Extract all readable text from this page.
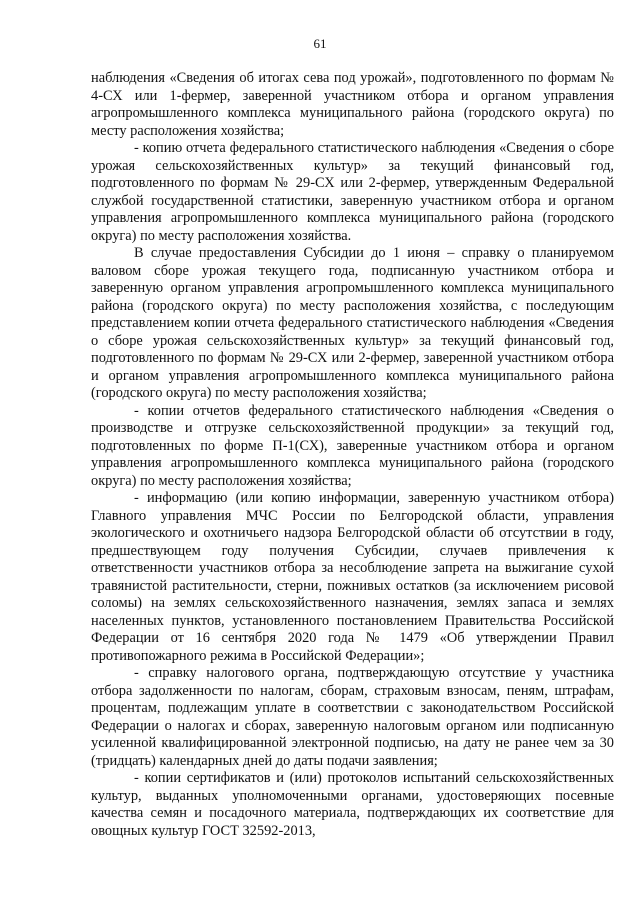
61

наблюдения «Сведения об итогах сева под урожай», подготовленного по формам № 4-СХ или 1-фермер, заверенной участником отбора и органом управления агропромышленного комплекса муниципального района (городского округа) по месту расположения хозяйства;

- копию отчета федерального статистического наблюдения «Сведения о сборе урожая сельскохозяйственных культур» за текущий финансовый год, подготовленного по формам № 29-СХ или 2-фермер, утвержденным Федеральной службой государственной статистики, заверенную участником отбора и органом управления агропромышленного комплекса муниципального района (городского округа) по месту расположения хозяйства.

В случае предоставления Субсидии до 1 июня – справку о планируемом валовом сборе урожая текущего года, подписанную участником отбора и заверенную органом управления агропромышленного комплекса муниципального района (городского округа) по месту расположения хозяйства, с последующим представлением копии отчета федерального статистического наблюдения «Сведения о сборе урожая сельскохозяйственных культур» за текущий финансовый год, подготовленного по формам № 29-СХ или 2-фермер, заверенной участником отбора и органом управления агропромышленного комплекса муниципального района (городского округа) по месту расположения хозяйства;

- копии отчетов федерального статистического наблюдения «Сведения о производстве и отгрузке сельскохозяйственной продукции» за текущий год, подготовленных по форме П-1(СХ), заверенные участником отбора и органом управления агропромышленного комплекса муниципального района (городского округа) по месту расположения хозяйства;

- информацию (или копию информации, заверенную участником отбора) Главного управления МЧС России по Белгородской области, управления экологического и охотничьего надзора Белгородской области об отсутствии в году, предшествующем году получения Субсидии, случаев привлечения к ответственности участников отбора за несоблюдение запрета на выжигание сухой травянистой растительности, стерни, пожнивых остатков (за исключением рисовой соломы) на землях сельскохозяйственного назначения, землях запаса и землях населенных пунктов, установленного постановлением Правительства Российской Федерации от 16 сентября 2020 года № 1479 «Об утверждении Правил противопожарного режима в Российской Федерации»;

- справку налогового органа, подтверждающую отсутствие у участника отбора задолженности по налогам, сборам, страховым взносам, пеням, штрафам, процентам, подлежащим уплате в соответствии с законодательством Российской Федерации о налогах и сборах, заверенную налоговым органом или подписанную усиленной квалифицированной электронной подписью, на дату не ранее чем за 30 (тридцать) календарных дней до даты подачи заявления;

- копии сертификатов и (или) протоколов испытаний сельскохозяйственных культур, выданных уполномоченными органами, удостоверяющих посевные качества семян и посадочного материала, подтверждающих их соответствие для овощных культур ГОСТ 32592-2013,
